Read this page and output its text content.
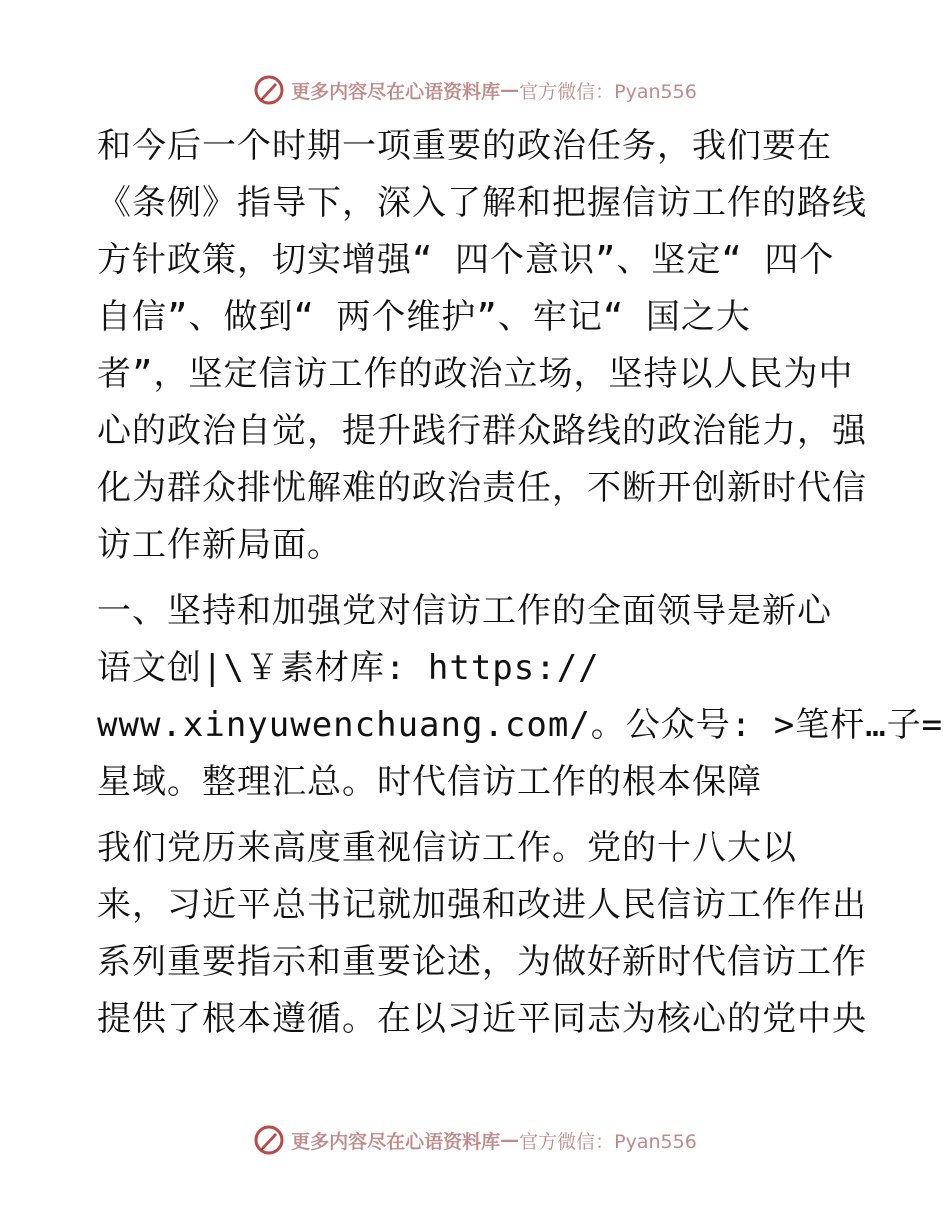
更多内容尽在心语资料库 — 官方微信：Pyan556
和今后一个时期一项重要的政治任务，我们要在
《条例》指导下，深入了解和把握信访工作的路线
方针政策，切实增强“ 四个意识”、坚定“ 四个
自信”、做到“ 两个维护”、牢记“ 国之大
者”，坚定信访工作的政治立场，坚持以人民为中
心的政治自觉，提升践行群众路线的政治能力，强
化为群众排忧解难的政治责任，不断开创新时代信
访工作新局面。
一、坚持和加强党对信访工作的全面领导是新心
语文创|\￥素材库: https://
www.xinyuwenchuang.com/。公众号: >笔杆…子=
星域。整理汇总。时代信访工作的根本保障
我们党历来高度重视信访工作。党的十八大以
来，习近平总书记就加强和改进人民信访工作作出
系列重要指示和重要论述，为做好新时代信访工作
提供了根本遵循。在以习近平同志为核心的党中央
更多内容尽在心语资料库 — 官方微信：Pyan556
